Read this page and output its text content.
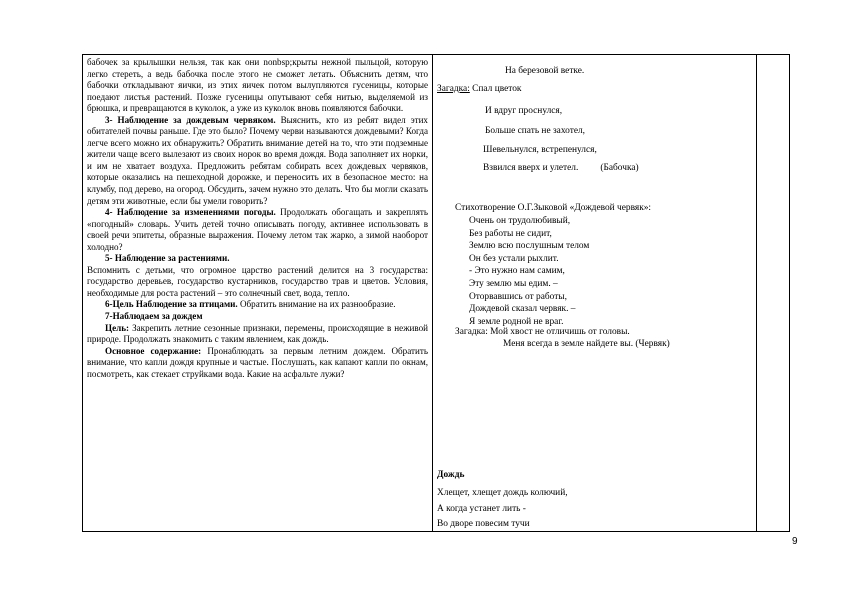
бабочек за крылышки нельзя, так как они nonbsp;крыты нежной пыльцой, которую легко стереть, а ведь бабочка после этого не сможет летать. Объяснить детям, что бабочки откладывают яички, из этих яичек потом вылупляются гусеницы, которые поедают листья растений. Позже гусеницы опутывают себя нитью, выделяемой из брюшка, и превращаются в куколок, а уже из куколок вновь появляются бабочки.

3- Наблюдение за дождевым червяком. Выяснить, кто из ребят видел этих обитателей почвы раньше. Где это было? Почему черви называются дождевыми? Когда легче всего можно их обнаружить? Обратить внимание детей на то, что эти подземные жители чаще всего вылезают из своих норок во время дождя. Вода заполняет их норки, и им не хватает воздуха. Предложить ребятам собирать всех дождевых червяков, которые оказались на пешеходной дорожке, и переносить их в безопасное место: на клумбу, под дерево, на огород. Обсудить, зачем нужно это делать. Что бы могли сказать детям эти животные, если бы умели говорить?

4- Наблюдение за изменениями погоды. Продолжать обогащать и закреплять «погодный» словарь. Учить детей точно описывать погоду, активнее использовать в своей речи эпитеты, образные выражения. Почему летом так жарко, а зимой наоборот холодно?

5- Наблюдение за растениями.

Вспомнить с детьми, что огромное царство растений делится на 3 государства: государство деревьев, государство кустарников, государство трав и цветов. Условия, необходимые для роста растений – это солнечный свет, вода, тепло.

6-Цель Наблюдение за птицами. Обратить внимание на их разнообразие.

7-Наблюдаем за дождем

Цель: Закрепить летние сезонные признаки, перемены, происходящие в неживой природе. Продолжать знакомить с таким явлением, как дождь.

Основное содержание: Пронаблюдать за первым летним дождем. Обратить внимание, что капли дождя крупные и частые. Послушать, как капают капли по окнам, посмотреть, как стекает струйками вода. Какие на асфальте лужи?

На березовой ветке.
Загадка: Спал цветок
И вдруг проснулся,
Больше спать не захотел,
Шевельнулся, встрепенулся,
Взвился вверх и улетел. (Бабочка)
Стихотворение О.Г.Зыковой «Дождевой червяк»:
Очень он трудолюбивый,
Без работы не сидит,
Землю всю послушным телом
Он без устали рыхлит.
- Это нужно нам самим,
Эту землю мы едим. –
Оторвавшись от работы,
Дождевой сказал червяк. –
Я земле родной не враг.
Загадка: Мой хвост не отличишь от головы.
Меня всегда в земле найдете вы. (Червяк)
Дождь
Хлещет, хлещет дождь колючий,
А когда устанет лить -
Во дворе повесим тучи
9
